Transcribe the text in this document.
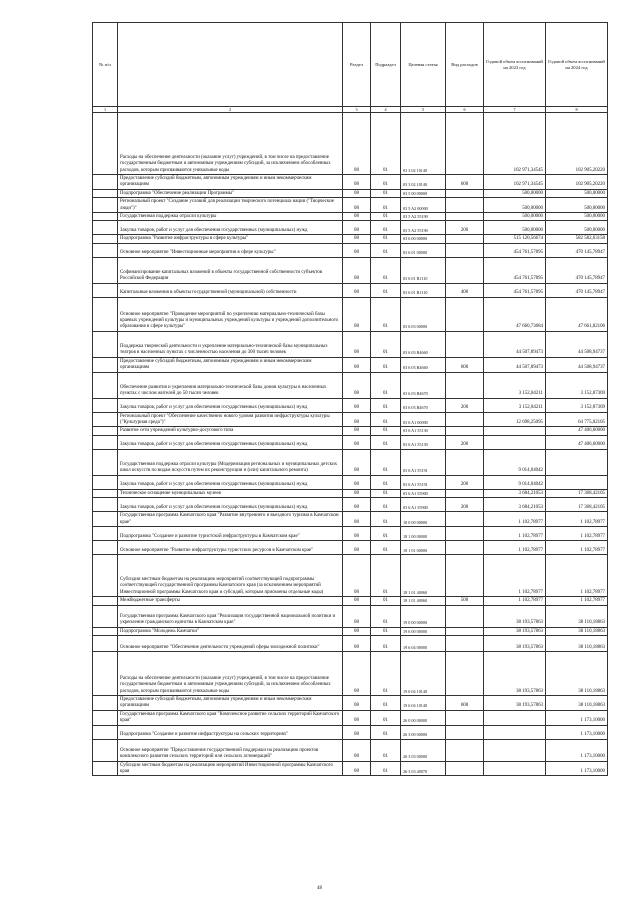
№ п/п		Раздел	Подраздел	Целевая статья	Вид расходов	Годовой объем ассигнований на 2023 год	Годовой объем ассигнований на 2024 год
1	2	3	4	5	6	7	8
	Расходы на обеспечение деятельности (оказание услуг) учреждений, в том числе на предоставление государственным бюджетным и автономным учреждениям субсидий, за исключением обособленных расходов, которым присваиваются уникальные коды	08	01	03 3 02 10140		102 971,34545	102 905,20220
	Предоставление субсидий бюджетным, автономным учреждениям и иным некоммерческим организациям	08	01	03 3 02 10140	600	102 971,34545	102 905,20220
	Подпрограмма "Обеспечение реализации Программы"	08	01	03 5 00 00000		500,00000	500,00000
	Региональный проект "Создание условий для реализации творческого потенциала нации ("Творческие люди")"	08	01	03 5 A2 00000		500,00000	500,00000
	Государственная поддержка отрасли культуры	08	01	03 5 A2 55190		500,00000	500,00000
	Закупка товаров, работ и услуг для обеспечения государственных (муниципальных) нужд	08	01	03 5 A2 55190	200	500,00000	500,00000
	Подпрограмма "Развитие инфраструктуры в сфере культуры"	08	01	03 6 00 00000		515 120,56674	582 582,63158
	Основное мероприятие "Инвестиционные мероприятия в сфере культуры"	08	01	03 6 01 00000		454 761,57895	470 145,78947
	Софинансирование капитальных вложений в объекты государственной собственности субъектов Российской Федерации	08	01	03 6 01 R1110		454 761,57895	470 145,78947
	Капитальные вложения в объекты государственной (муниципальной) собственности	08	01	03 6 01 R1110	400	454 761,57895	470 145,78947
	Основное мероприятие "Проведение мероприятий по укреплению материально-технической базы краевых учреждений культуры и муниципальных учреждений культуры и учреждений дополнительного образования в сфере культуры"	08	01	03 6 03 00000		47 660,73684	47 661,82106
	Поддержка творческой деятельности и укрепление материально-технической базы муниципальных театров в населенных пунктах с численностью населения до 300 тысяч человек	08	01	03 6 03 R4660		44 507,89473	44 508,94737
	Предоставление субсидий бюджетным, автономным учреждениям и иным некоммерческим организациям	08	01	03 6 03 R4660	600	44 507,89473	44 508,94737
	Обеспечение развития и укрепления материально-технической базы домов культуры в населенных пунктах с числом жителей до 50 тысяч человек	08	01	03 6 03 R4670		3 152,84211	3 152,87369
	Закупка товаров, работ и услуг для обеспечения государственных (муниципальных) нужд	08	01	03 6 03 R4670	200	3 152,84211	3 152,87369
	Региональный проект "Обеспечение качественно нового уровня развития инфраструктуры культуры ("Культурная среда")"	08	01	03 6 A1 00000		12 698,25095	64 775,02105
	Развитие сети учреждений культурно-досугового типа	08	01	03 6 A1 55130			47 406,60000
	Закупка товаров, работ и услуг для обеспечения государственных (муниципальных) нужд	08	01	03 6 A1 55130	200		47 406,60000
	Государственная поддержка отрасли культуры (Модернизация региональных и муниципальных детских школ искусств по видам искусств путем их реконструкции и (или) капитального ремонта)	08	01	03 6 A1 55191		9 014,04042	
	Закупка товаров, работ и услуг для обеспечения государственных (муниципальных) нужд	08	01	03 6 A1 55191	200	9 014,04042	
	Техническое оснащение муниципальных музеев	08	01	03 6 A1 55900		3 684,21053	17 368,42105
	Закупка товаров, работ и услуг для обеспечения государственных (муниципальных) нужд	08	01	03 6 A1 55900	200	3 684,21053	17 368,42105
	Государственная программа Камчатского края "Развитие внутреннего и въездного туризма в Камчатском крае"	08	01	18 0 00 00000		1 102,78977	1 102,78977
	Подпрограмма "Создание и развитие туристской инфраструктуры в Камчатском крае"	08	01	18 1 00 00000		1 102,78977	1 102,78977
	Основное мероприятие "Развитие инфраструктуры туристских ресурсов в Камчатском крае"	08	01	18 1 01 00000		1 102,78977	1 102,78977
	Субсидии местным бюджетам на реализацию мероприятий соответствующей подпрограммы соответствующей государственной программы Камчатского края (за исключением мероприятий Инвестиционной программы Камчатского края и субсидий, которым присвоены отдельные коды)	08	01	18 1 01 40060		1 102,78977	1 102,78977
	Межбюджетные трансферты	08	01	18 1 01 40060	500	1 102,78977	1 102,78977
	Государственная программа Камчатского края "Реализация государственной национальной политики и укрепление гражданского единства в Камчатском крае"	08	01	19 0 00 00000		38 193,57863	38 110,18863
	Подпрограмма "Молодежь Камчатки"	08	01	19 6 00 00000		38 193,57863	38 110,18863
	Основное мероприятие "Обеспечение деятельности учреждений сферы молодежной политики"	08	01	19 6 04 00000		38 193,57863	38 110,18863
	Расходы на обеспечение деятельности (оказание услуг) учреждений, в том числе на предоставление государственным бюджетным и автономным учреждениям субсидий, за исключением обособленных расходов, которым присваиваются уникальные коды	08	01	19 6 04 10140		38 193,57863	38 110,18863
	Предоставление субсидий бюджетным, автономным учреждениям и иным некоммерческим организациям	08	01	19 6 04 10140	600	38 193,57863	38 110,18863
	Государственная программа Камчатского края "Комплексное развитие сельских территорий Камчатского края"	08	01	26 0 00 00000			1 173,10000
	Подпрограмма "Создание и развитие инфраструктуры на сельских территориях"	08	01	26 3 00 00000			1 173,10000
	Основное мероприятие "Предоставление государственной поддержки на реализацию проектов комплексного развития сельских территорий или сельских агломераций"	08	01	26 3 03 00000			1 173,10000
	Субсидии местным бюджетам на реализацию мероприятий Инвестиционной программы Камчатского края	08	01	26 3 03 40070			1 173,10000
48
